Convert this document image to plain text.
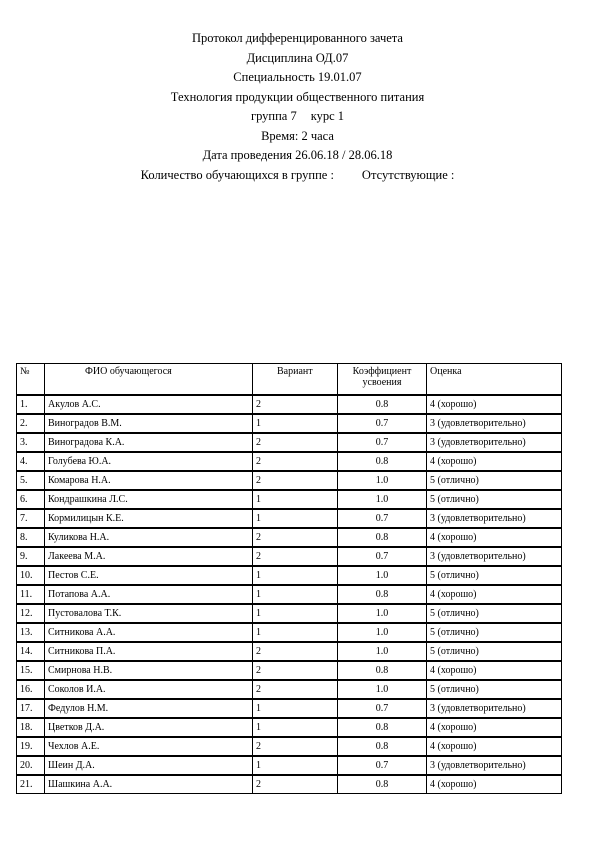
Протокол дифференцированного зачета
Дисциплина ОД.07
Специальность 19.01.07
Технология продукции общественного питания
группа 7 курс 1
Время: 2 часа
Дата проведения 26.06.18 / 28.06.18
Количество обучающихся в группе : Отсутствующие :
№	ФИО обучающегося	Вариант	Коэффициент усвоения	Оценка
1.	Акулов А.С.	2	0.8	4 (хорошо)
2.	Виноградов В.М.	1	0.7	3 (удовлетворительно)
3.	Виноградова К.А.	2	0.7	3 (удовлетворительно)
4.	Голубева Ю.А.	2	0.8	4 (хорошо)
5.	Комарова Н.А.	2	1.0	5 (отлично)
6.	Кондрашкина Л.С.	1	1.0	5 (отлично)
7.	Кормилицын К.Е.	1	0.7	3 (удовлетворительно)
8.	Куликова Н.А.	2	0.8	4 (хорошо)
9.	Лакеева М.А.	2	0.7	3 (удовлетворительно)
10.	Пестов С.Е.	1	1.0	5 (отлично)
11.	Потапова А.А.	1	0.8	4 (хорошо)
12.	Пустовалова Т.К.	1	1.0	5 (отлично)
13.	Ситникова А.А.	1	1.0	5 (отлично)
14.	Ситникова П.А.	2	1.0	5 (отлично)
15.	Смирнова Н.В.	2	0.8	4 (хорошо)
16.	Соколов И.А.	2	1.0	5 (отлично)
17.	Федулов Н.М.	1	0.7	3 (удовлетворительно)
18.	Цветков Д.А.	1	0.8	4 (хорошо)
19.	Чехлов А.Е.	2	0.8	4 (хорошо)
20.	Шеин Д.А.	1	0.7	3 (удовлетворительно)
21.	Шашкина А.А.	2	0.8	4 (хорошо)
